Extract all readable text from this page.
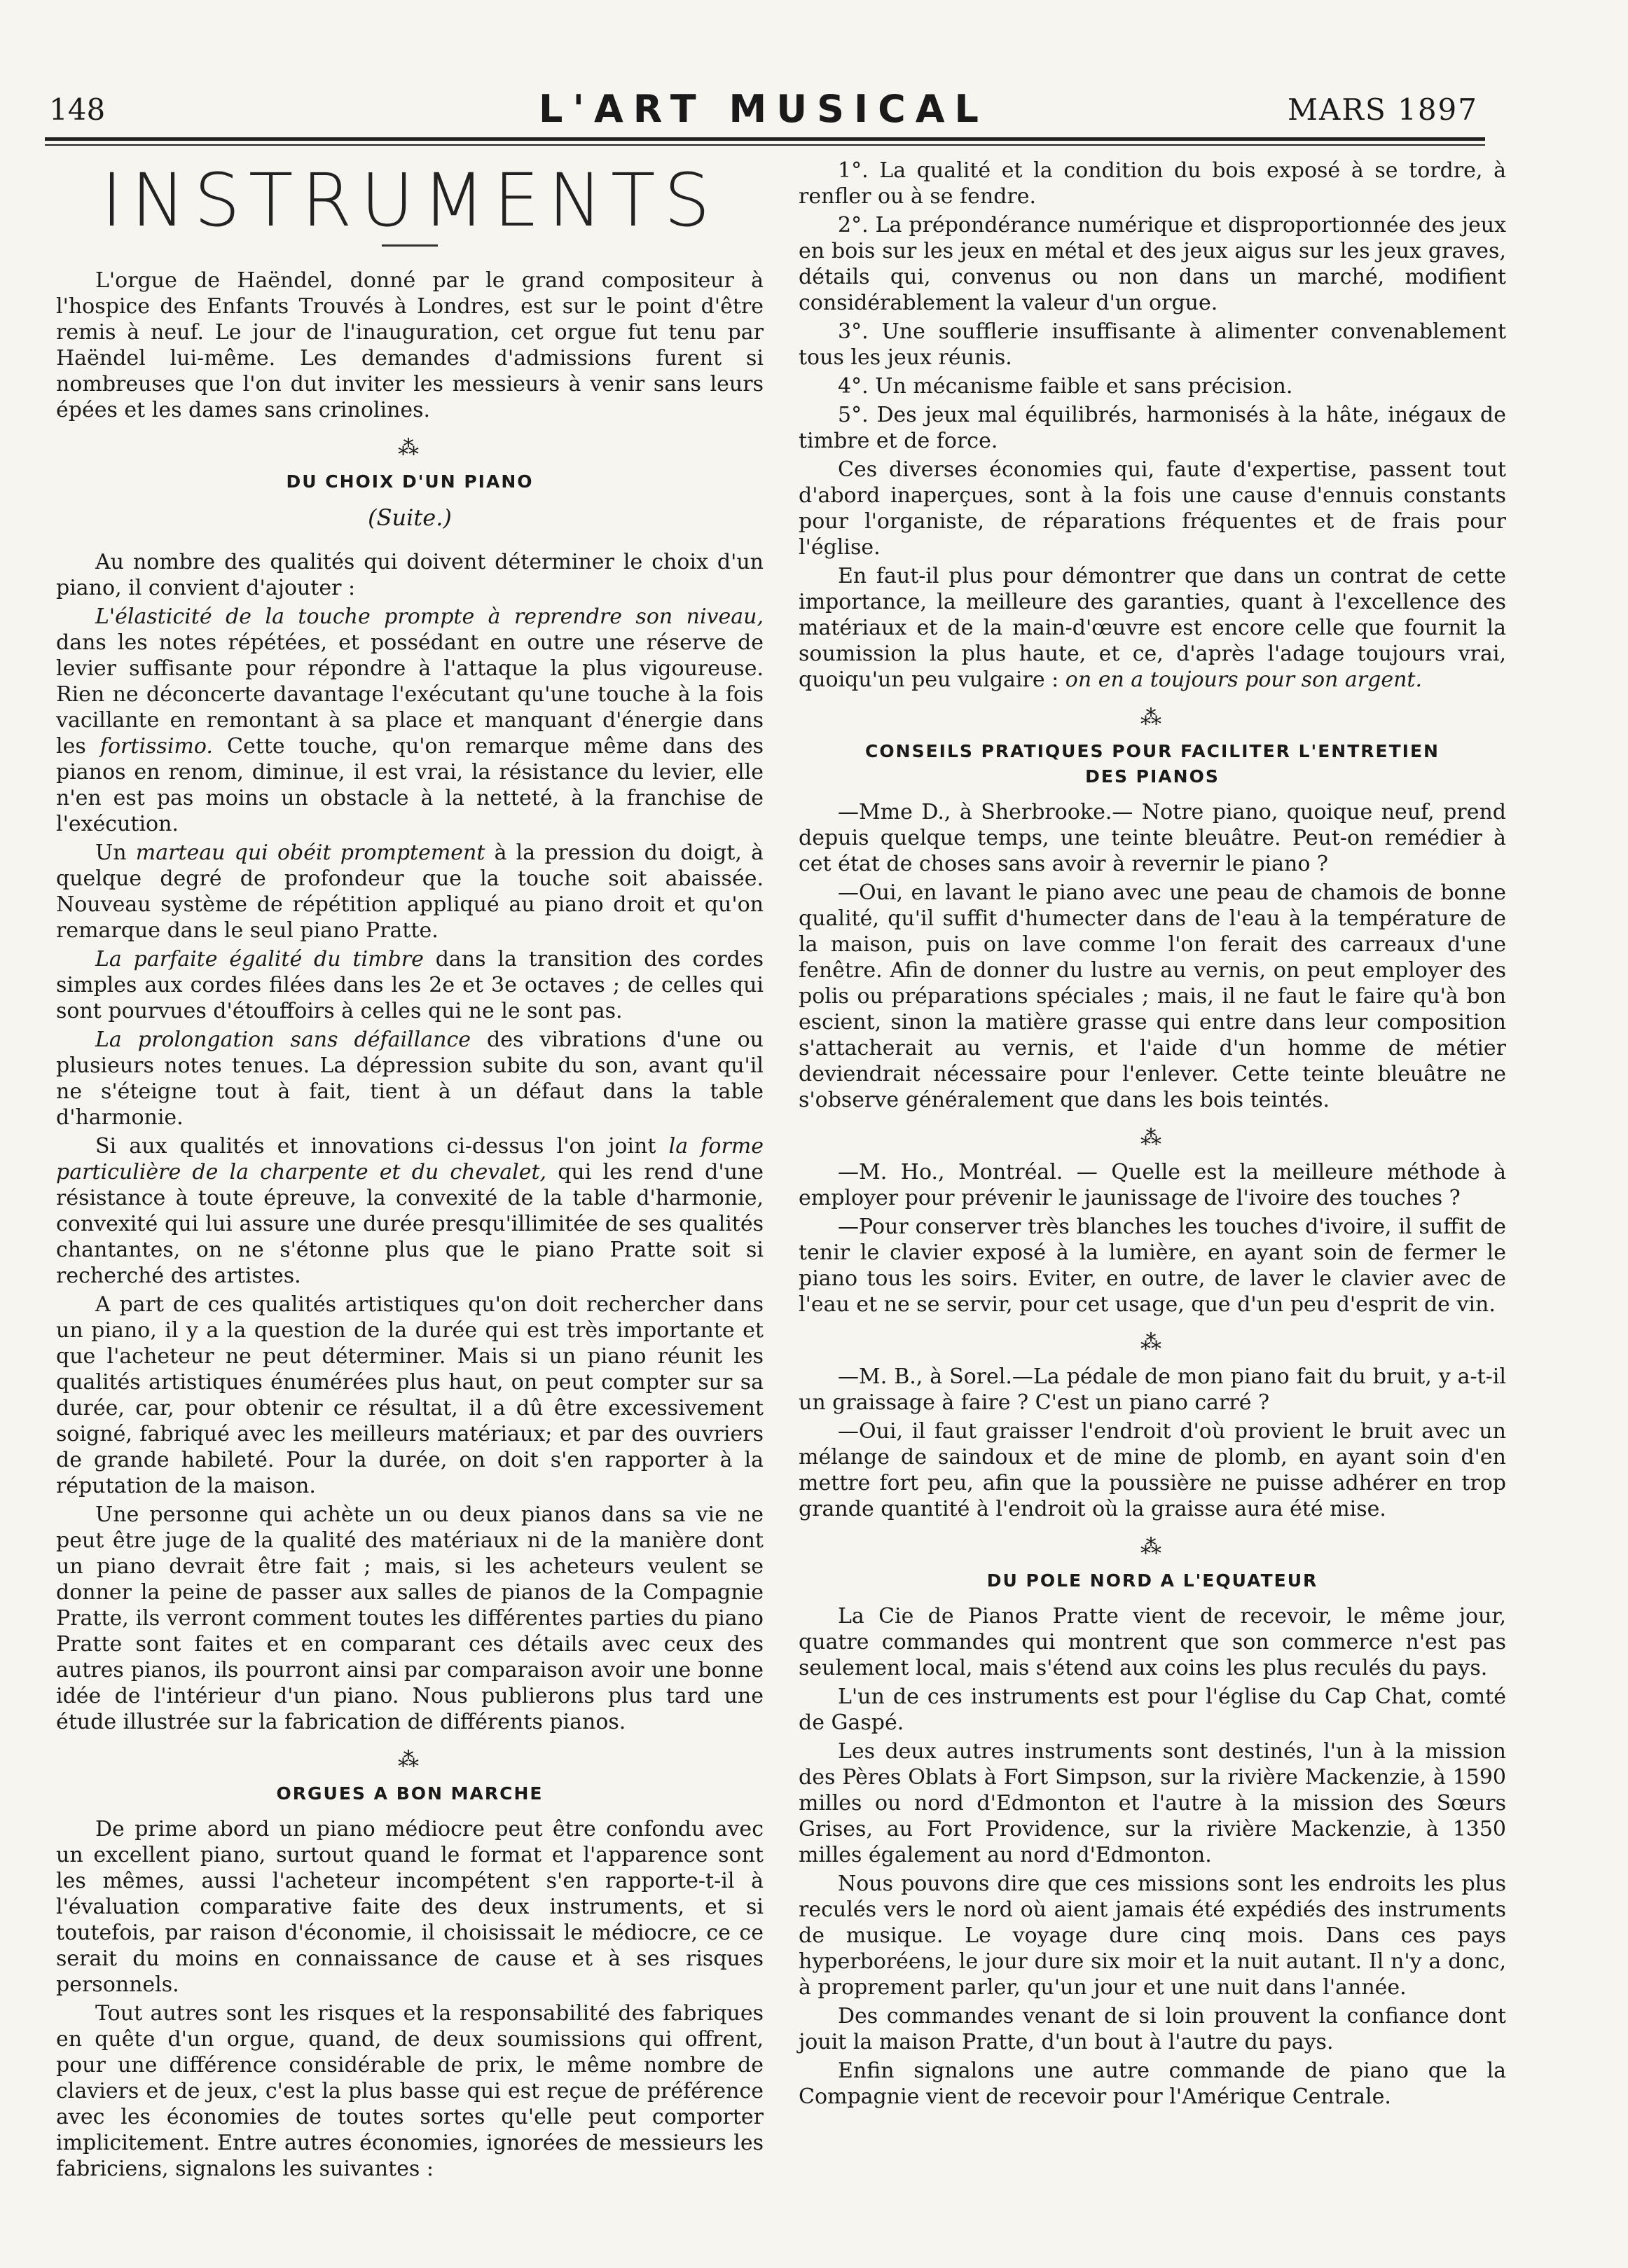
148	L'ART MUSICAL	MARS 1897
INSTRUMENTS

L'orgue de Haëndel, donné par le grand compositeur à l'hospice des Enfants Trouvés à Londres, est sur le point d'être remis à neuf. Le jour de l'inauguration, cet orgue fut tenu par Haëndel lui-même. Les demandes d'admissions furent si nombreuses que l'on dut inviter les messieurs à venir sans leurs épées et les dames sans crinolines.

⁂
DU CHOIX D'UN PIANO
(Suite.)

Au nombre des qualités qui doivent déterminer le choix d'un piano, il convient d'ajouter :

L'élasticité de la touche prompte à reprendre son niveau, dans les notes répétées, et possédant en outre une réserve de levier suffisante pour répondre à l'attaque la plus vigoureuse. Rien ne déconcerte davantage l'exécutant qu'une touche à la fois vacillante en remontant à sa place et manquant d'énergie dans les fortissimo. Cette touche, qu'on remarque même dans des pianos en renom, diminue, il est vrai, la résistance du levier, elle n'en est pas moins un obstacle à la netteté, à la franchise de l'exécution.

Un marteau qui obéit promptement à la pression du doigt, à quelque degré de profondeur que la touche soit abaissée. Nouveau système de répétition appliqué au piano droit et qu'on remarque dans le seul piano Pratte.

La parfaite égalité du timbre dans la transition des cordes simples aux cordes filées dans les 2e et 3e octaves ; de celles qui sont pourvues d'étouffoirs à celles qui ne le sont pas.

La prolongation sans défaillance des vibrations d'une ou plusieurs notes tenues. La dépression subite du son, avant qu'il ne s'éteigne tout à fait, tient à un défaut dans la table d'harmonie.

Si aux qualités et innovations ci-dessus l'on joint la forme particulière de la charpente et du chevalet, qui les rend d'une résistance à toute épreuve, la convexité de la table d'harmonie, convexité qui lui assure une durée presqu'illimitée de ses qualités chantantes, on ne s'étonne plus que le piano Pratte soit si recherché des artistes.

A part de ces qualités artistiques qu'on doit rechercher dans un piano, il y a la question de la durée qui est très importante et que l'acheteur ne peut déterminer. Mais si un piano réunit les qualités artistiques énumérées plus haut, on peut compter sur sa durée, car, pour obtenir ce résultat, il a dû être excessivement soigné, fabriqué avec les meilleurs matériaux; et par des ouvriers de grande habileté. Pour la durée, on doit s'en rapporter à la réputation de la maison.

Une personne qui achète un ou deux pianos dans sa vie ne peut être juge de la qualité des matériaux ni de la manière dont un piano devrait être fait ; mais, si les acheteurs veulent se donner la peine de passer aux salles de pianos de la Compagnie Pratte, ils verront comment toutes les différentes parties du piano Pratte sont faites et en comparant ces détails avec ceux des autres pianos, ils pourront ainsi par comparaison avoir une bonne idée de l'intérieur d'un piano. Nous publierons plus tard une étude illustrée sur la fabrication de différents pianos.

⁂
ORGUES A BON MARCHE

De prime abord un piano médiocre peut être confondu avec un excellent piano, surtout quand le format et l'apparence sont les mêmes, aussi l'acheteur incompétent s'en rapporte-t-il à l'évaluation comparative faite des deux instruments, et si toutefois, par raison d'économie, il choisissait le médiocre, ce ce serait du moins en connaissance de cause et à ses risques personnels.

Tout autres sont les risques et la responsabilité des fabriques en quête d'un orgue, quand, de deux soumissions qui offrent, pour une différence considérable de prix, le même nombre de claviers et de jeux, c'est la plus basse qui est reçue de préférence avec les économies de toutes sortes qu'elle peut comporter implicitement. Entre autres économies, ignorées de messieurs les fabriciens, signalons les suivantes :

1°. La qualité et la condition du bois exposé à se tordre, à renfler ou à se fendre.

2°. La prépondérance numérique et disproportionnée des jeux en bois sur les jeux en métal et des jeux aigus sur les jeux graves, détails qui, convenus ou non dans un marché, modifient considérablement la valeur d'un orgue.

3°. Une soufflerie insuffisante à alimenter convenablement tous les jeux réunis.

4°. Un mécanisme faible et sans précision.

5°. Des jeux mal équilibrés, harmonisés à la hâte, inégaux de timbre et de force.

Ces diverses économies qui, faute d'expertise, passent tout d'abord inaperçues, sont à la fois une cause d'ennuis constants pour l'organiste, de réparations fréquentes et de frais pour l'église.

En faut-il plus pour démontrer que dans un contrat de cette importance, la meilleure des garanties, quant à l'excellence des matériaux et de la main-d'œuvre est encore celle que fournit la soumission la plus haute, et ce, d'après l'adage toujours vrai, quoiqu'un peu vulgaire : on en a toujours pour son argent.

⁂
CONSEILS PRATIQUES POUR FACILITER L'ENTRETIEN
DES PIANOS

—Mme D., à Sherbrooke.— Notre piano, quoique neuf, prend depuis quelque temps, une teinte bleuâtre. Peut-on remédier à cet état de choses sans avoir à revernir le piano ?

—Oui, en lavant le piano avec une peau de chamois de bonne qualité, qu'il suffit d'humecter dans de l'eau à la température de la maison, puis on lave comme l'on ferait des carreaux d'une fenêtre. Afin de donner du lustre au vernis, on peut employer des polis ou préparations spéciales ; mais, il ne faut le faire qu'à bon escient, sinon la matière grasse qui entre dans leur composition s'attacherait au vernis, et l'aide d'un homme de métier deviendrait nécessaire pour l'enlever. Cette teinte bleuâtre ne s'observe généralement que dans les bois teintés.

⁂

—M. Ho., Montréal. — Quelle est la meilleure méthode à employer pour prévenir le jaunissage de l'ivoire des touches ?

—Pour conserver très blanches les touches d'ivoire, il suffit de tenir le clavier exposé à la lumière, en ayant soin de fermer le piano tous les soirs. Eviter, en outre, de laver le clavier avec de l'eau et ne se servir, pour cet usage, que d'un peu d'esprit de vin.

⁂

—M. B., à Sorel.—La pédale de mon piano fait du bruit, y a-t-il un graissage à faire ? C'est un piano carré ?

—Oui, il faut graisser l'endroit d'où provient le bruit avec un mélange de saindoux et de mine de plomb, en ayant soin d'en mettre fort peu, afin que la poussière ne puisse adhérer en trop grande quantité à l'endroit où la graisse aura été mise.

⁂
DU POLE NORD A L'EQUATEUR

La Cie de Pianos Pratte vient de recevoir, le même jour, quatre commandes qui montrent que son commerce n'est pas seulement local, mais s'étend aux coins les plus reculés du pays.

L'un de ces instruments est pour l'église du Cap Chat, comté de Gaspé.

Les deux autres instruments sont destinés, l'un à la mission des Pères Oblats à Fort Simpson, sur la rivière Mackenzie, à 1590 milles ou nord d'Edmonton et l'autre à la mission des Sœurs Grises, au Fort Providence, sur la rivière Mackenzie, à 1350 milles également au nord d'Edmonton.

Nous pouvons dire que ces missions sont les endroits les plus reculés vers le nord où aient jamais été expédiés des instruments de musique. Le voyage dure cinq mois. Dans ces pays hyperboréens, le jour dure six moir et la nuit autant. Il n'y a donc, à proprement parler, qu'un jour et une nuit dans l'année.

Des commandes venant de si loin prouvent la confiance dont jouit la maison Pratte, d'un bout à l'autre du pays.

Enfin signalons une autre commande de piano que la Compagnie vient de recevoir pour l'Amérique Centrale.
